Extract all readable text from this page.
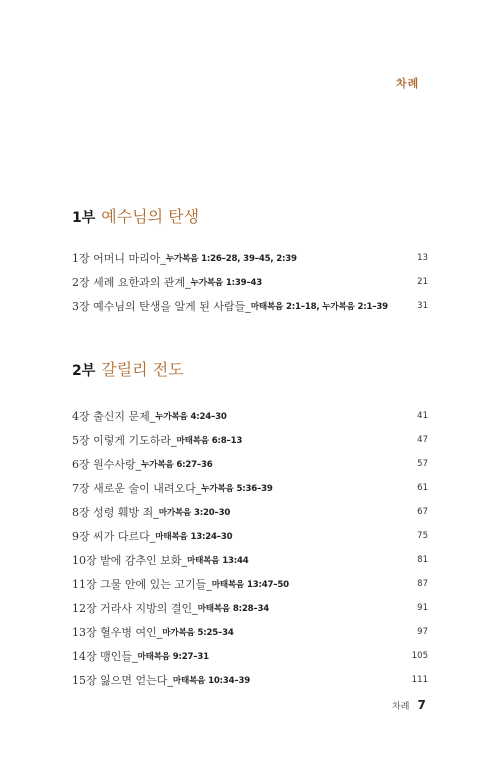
차례
1부 예수님의 탄생
1장 어머니 마리아 _ 누가복음 1:26–28, 39–45, 2:39	13
2장 세례 요한과의 관계 _ 누가복음 1:39–43	21
3장 예수님의 탄생을 알게 된 사람들 _ 마태복음 2:1–18, 누가복음 2:1–39	31
2부 갈릴리 전도
4장 출신지 문제 _ 누가복음 4:24–30	41
5장 이렇게 기도하라 _ 마태복음 6:8–13	47
6장 원수사랑 _ 누가복음 6:27–36	57
7장 새로운 술이 내려오다 _ 누가복음 5:36–39	61
8장 성령 훼방 죄 _ 마가복음 3:20–30	67
9장 씨가 다르다 _ 마태복음 13:24–30	75
10장 밭에 감추인 보화 _ 마태복음 13:44	81
11장 그물 안에 있는 고기들 _ 마태복음 13:47–50	87
12장 거라사 지방의 결인 _ 마태복음 8:28–34	91
13장 혈우병 여인 _ 마가복음 5:25–34	97
14장 맹인들 _ 마태복음 9:27–31	105
15장 잃으면 얻는다 _ 마태복음 10:34–39	111
차례 7
